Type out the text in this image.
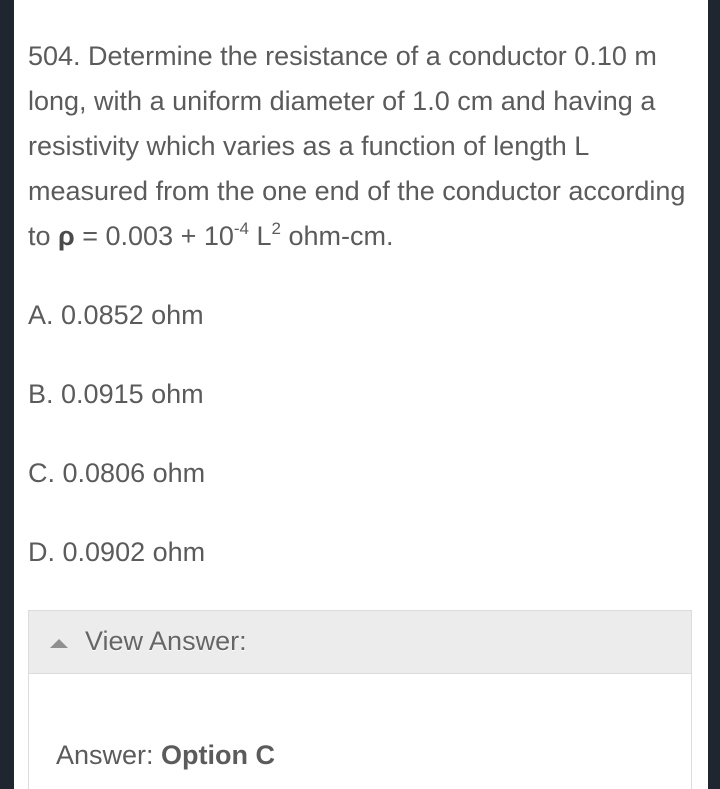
504. Determine the resistance of a conductor 0.10 m long, with a uniform diameter of 1.0 cm and having a resistivity which varies as a function of length L measured from the one end of the conductor according to $\rho = 0.003 + 10^{-4}$ $L^2$ ohm-cm.

A. 0.0852 ohm

B. 0.0915 ohm

C. 0.0806 ohm

D. 0.0902 ohm

View Answer:
Answer: Option C
